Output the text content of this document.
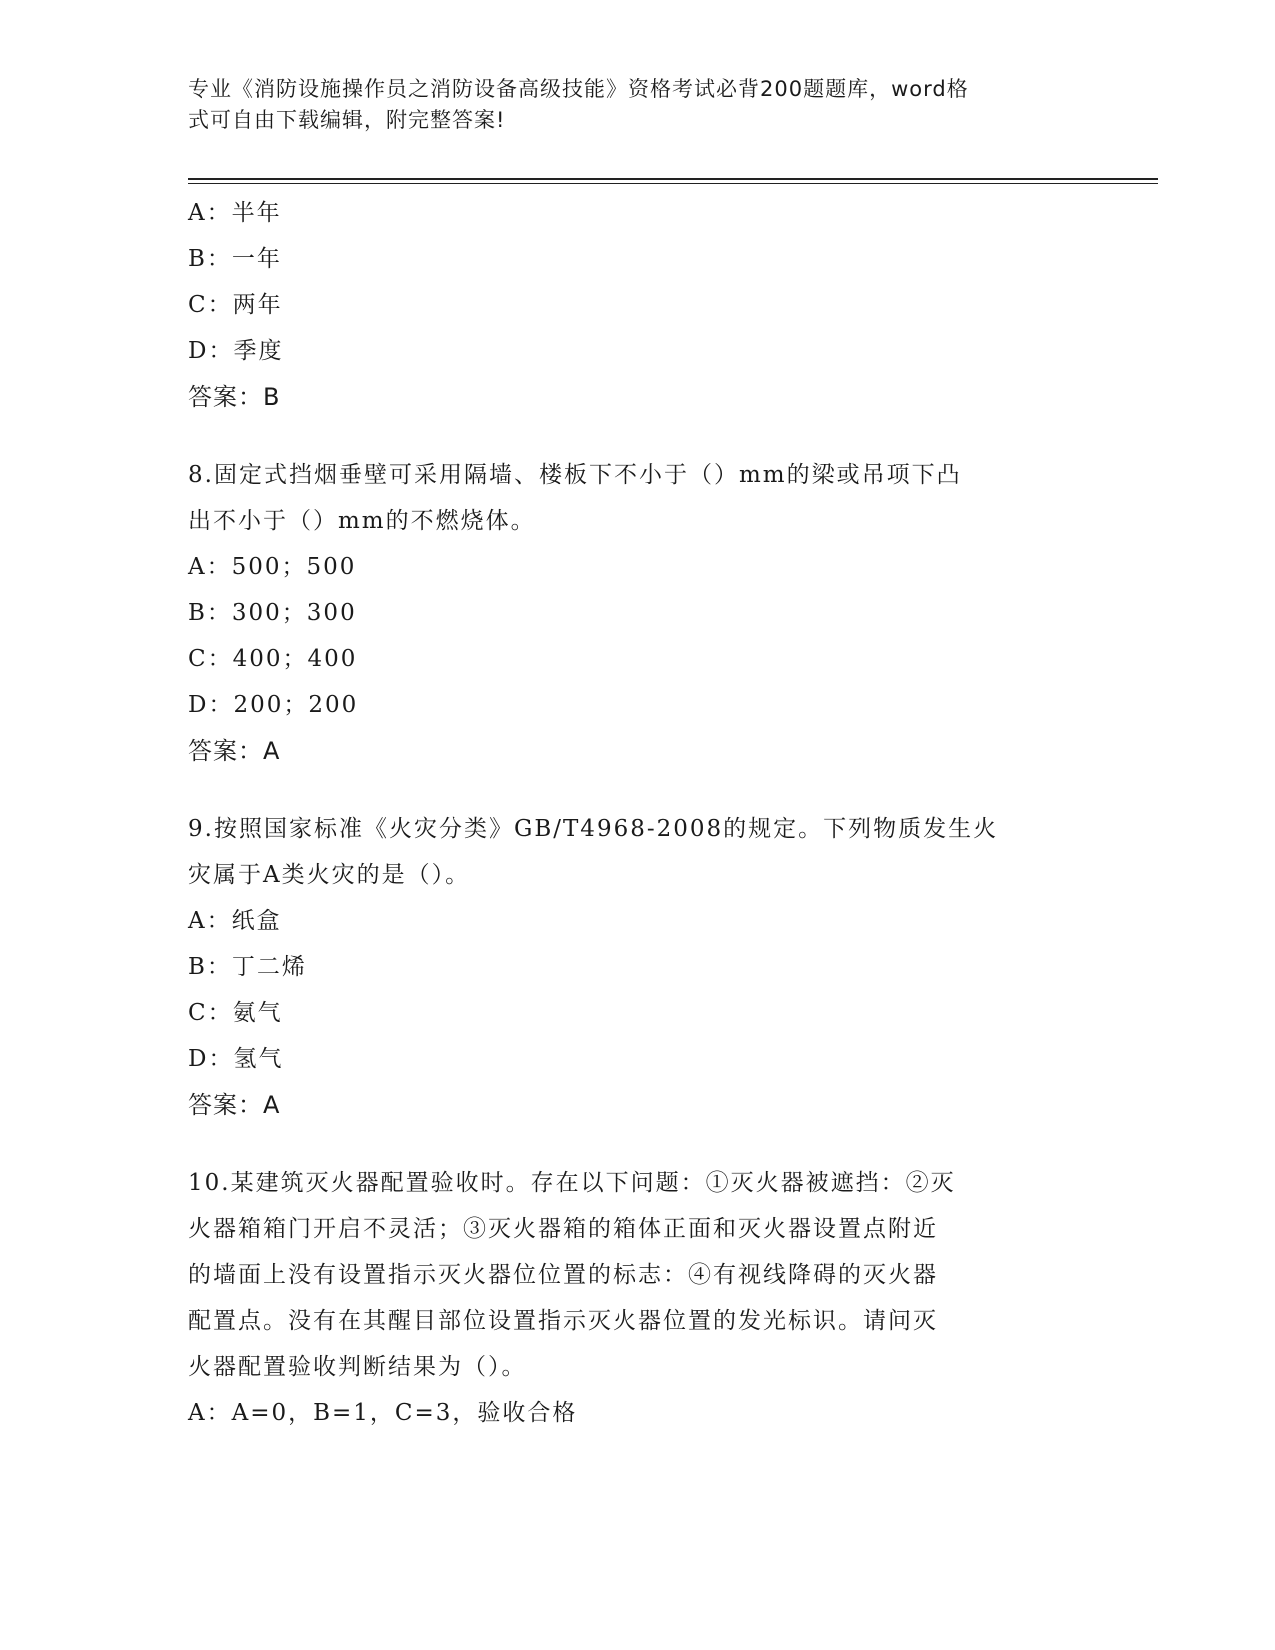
专业《消防设施操作员之消防设备高级技能》资格考试必背200题题库，word格
式可自由下载编辑，附完整答案!
A：半年
B：一年
C：两年
D：季度
答案：B
8.固定式挡烟垂壁可采用隔墙、楼板下不小于（）mm的梁或吊项下凸
出不小于（）mm的不燃烧体。
A：500；500
B：300；300
C：400；400
D：200；200
答案：A
9.按照国家标准《火灾分类》GB/T4968-2008的规定。下列物质发生火
灾属于A类火灾的是（）。
A：纸盒
B：丁二烯
C：氨气
D：氢气
答案：A
10.某建筑灭火器配置验收时。存在以下问题：①灭火器被遮挡：②灭
火器箱箱门开启不灵活；③灭火器箱的箱体正面和灭火器设置点附近
的墙面上没有设置指示灭火器位位置的标志：④有视线降碍的灭火器
配置点。没有在其醒目部位设置指示灭火器位置的发光标识。请问灭
火器配置验收判断结果为（）。
A：A=0，B=1，C=3，验收合格
